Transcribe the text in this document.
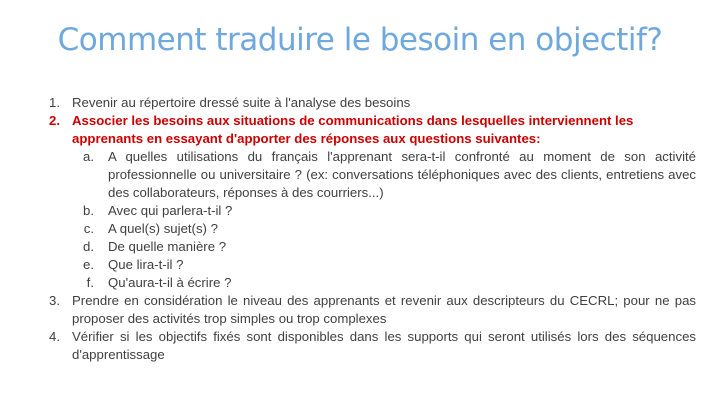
Comment traduire le besoin en objectif?
1. Revenir au répertoire dressé suite à l'analyse des besoins
2. Associer les besoins aux situations de communications dans lesquelles interviennent les apprenants en essayant d'apporter des réponses aux questions suivantes:
a. A quelles utilisations du français l'apprenant sera-t-il confronté au moment de son activité professionnelle ou universitaire ? (ex: conversations téléphoniques avec des clients, entretiens avec des collaborateurs, réponses à des courriers...)
b. Avec qui parlera-t-il ?
c. A quel(s) sujet(s) ?
d. De quelle manière ?
e. Que lira-t-il ?
f. Qu'aura-t-il à écrire ?
3. Prendre en considération le niveau des apprenants et revenir aux descripteurs du CECRL; pour ne pas proposer des activités trop simples ou trop complexes
4. Vérifier si les objectifs fixés sont disponibles dans les supports qui seront utilisés lors des séquences d'apprentissage
